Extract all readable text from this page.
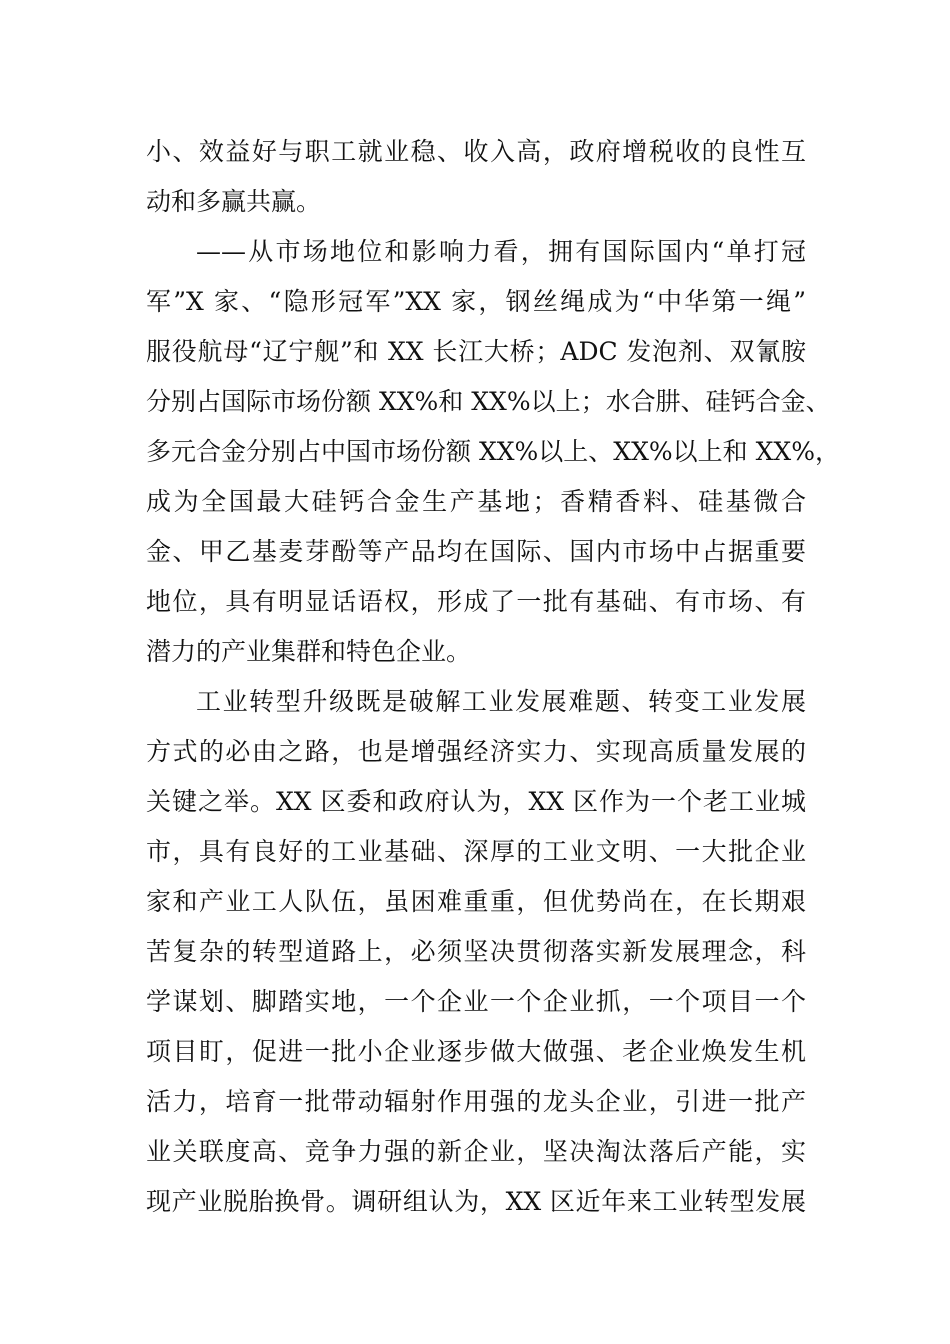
小、效益好与职工就业稳、收入高，政府增税收的良性互
动和多赢共赢。
——从市场地位和影响力看，拥有国际国内“单打冠
军”X 家、“隐形冠军”XX 家，钢丝绳成为“中华第一绳”
服役航母“辽宁舰”和 XX 长江大桥；ADC 发泡剂、双氰胺
分别占国际市场份额 XX%和 XX%以上；水合肼、硅钙合金、
多元合金分别占中国市场份额 XX%以上、XX%以上和 XX%，
成为全国最大硅钙合金生产基地；香精香料、硅基微合
金、甲乙基麦芽酚等产品均在国际、国内市场中占据重要
地位，具有明显话语权，形成了一批有基础、有市场、有
潜力的产业集群和特色企业。
工业转型升级既是破解工业发展难题、转变工业发展
方式的必由之路，也是增强经济实力、实现高质量发展的
关键之举。XX 区委和政府认为，XX 区作为一个老工业城
市，具有良好的工业基础、深厚的工业文明、一大批企业
家和产业工人队伍，虽困难重重，但优势尚在，在长期艰
苦复杂的转型道路上，必须坚决贯彻落实新发展理念，科
学谋划、脚踏实地，一个企业一个企业抓，一个项目一个
项目盯，促进一批小企业逐步做大做强、老企业焕发生机
活力，培育一批带动辐射作用强的龙头企业，引进一批产
业关联度高、竞争力强的新企业，坚决淘汰落后产能，实
现产业脱胎换骨。调研组认为，XX 区近年来工业转型发展
